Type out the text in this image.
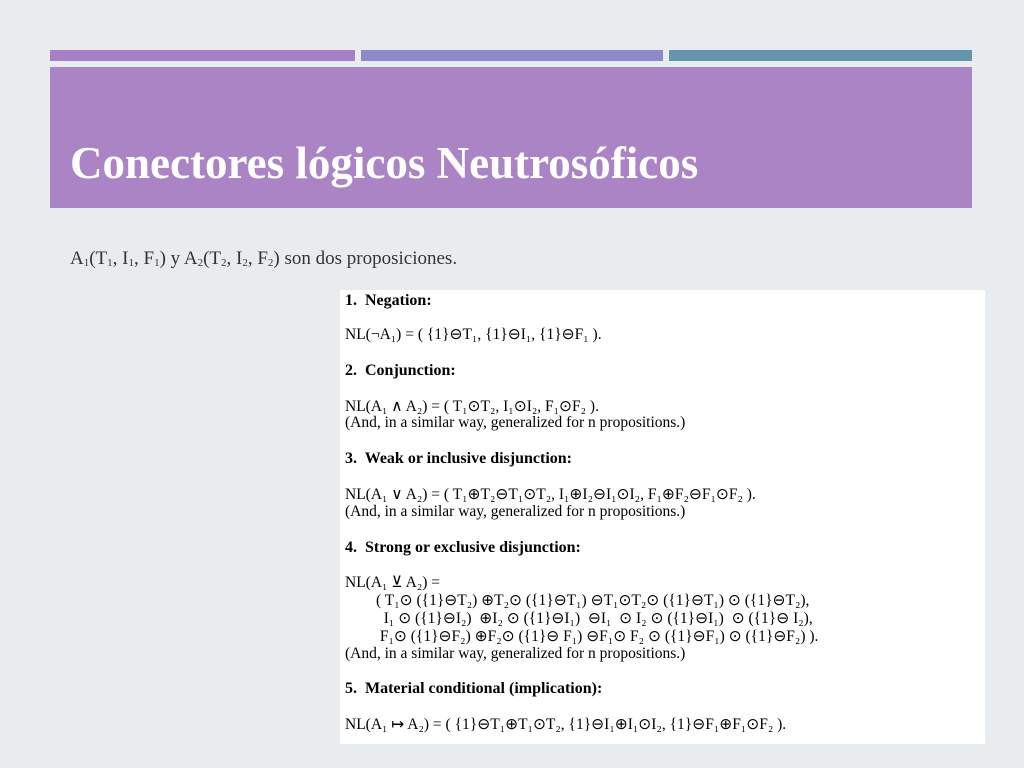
Conectores lógicos Neutrosóficos
$A_1(T_1$, $I_1$, $F_1$) y $A_2(T_2$, $I_2$, $F_2$) son dos proposiciones.
1.  Negation:
NL(¬A₁) = ( {1}⊖T₁, {1}⊖I₁, {1}⊖F₁ ).
2.  Conjunction:
NL(A₁ ∧ A₂) = ( T₁⊙T₂, I₁⊙I₂, F₁⊙F₂ ).
(And, in a similar way, generalized for n propositions.)
3.  Weak or inclusive disjunction:
NL(A₁ ∨ A₂) = ( T₁⊕T₂⊖T₁⊙T₂, I₁⊕I₂⊖I₁⊙I₂, F₁⊕F₂⊖F₁⊙F₂ ).
(And, in a similar way, generalized for n propositions.)
4.  Strong or exclusive disjunction:
NL(A₁ ⊻ A₂) =
( T₁⊙ ({1}⊖T₂) ⊕T₂⊙ ({1}⊖T₁) ⊖T₁⊙T₂⊙ ({1}⊖T₁) ⊙ ({1}⊖T₂),
I₁ ⊙ ({1}⊖I₂)  ⊕I₂ ⊙ ({1}⊖I₁)  ⊖I₁  ⊙ I₂ ⊙ ({1}⊖I₁)  ⊙ ({1}⊖ I₂),
F₁⊙ ({1}⊖F₂) ⊕F₂⊙ ({1}⊖ F₁) ⊖F₁⊙ F₂ ⊙ ({1}⊖F₁) ⊙ ({1}⊖F₂) ).
(And, in a similar way, generalized for n propositions.)
5.  Material conditional (implication):
NL(A₁ ↦ A₂) = ( {1}⊖T₁⊕T₁⊙T₂, {1}⊖I₁⊕I₁⊙I₂, {1}⊖F₁⊕F₁⊙F₂ ).
